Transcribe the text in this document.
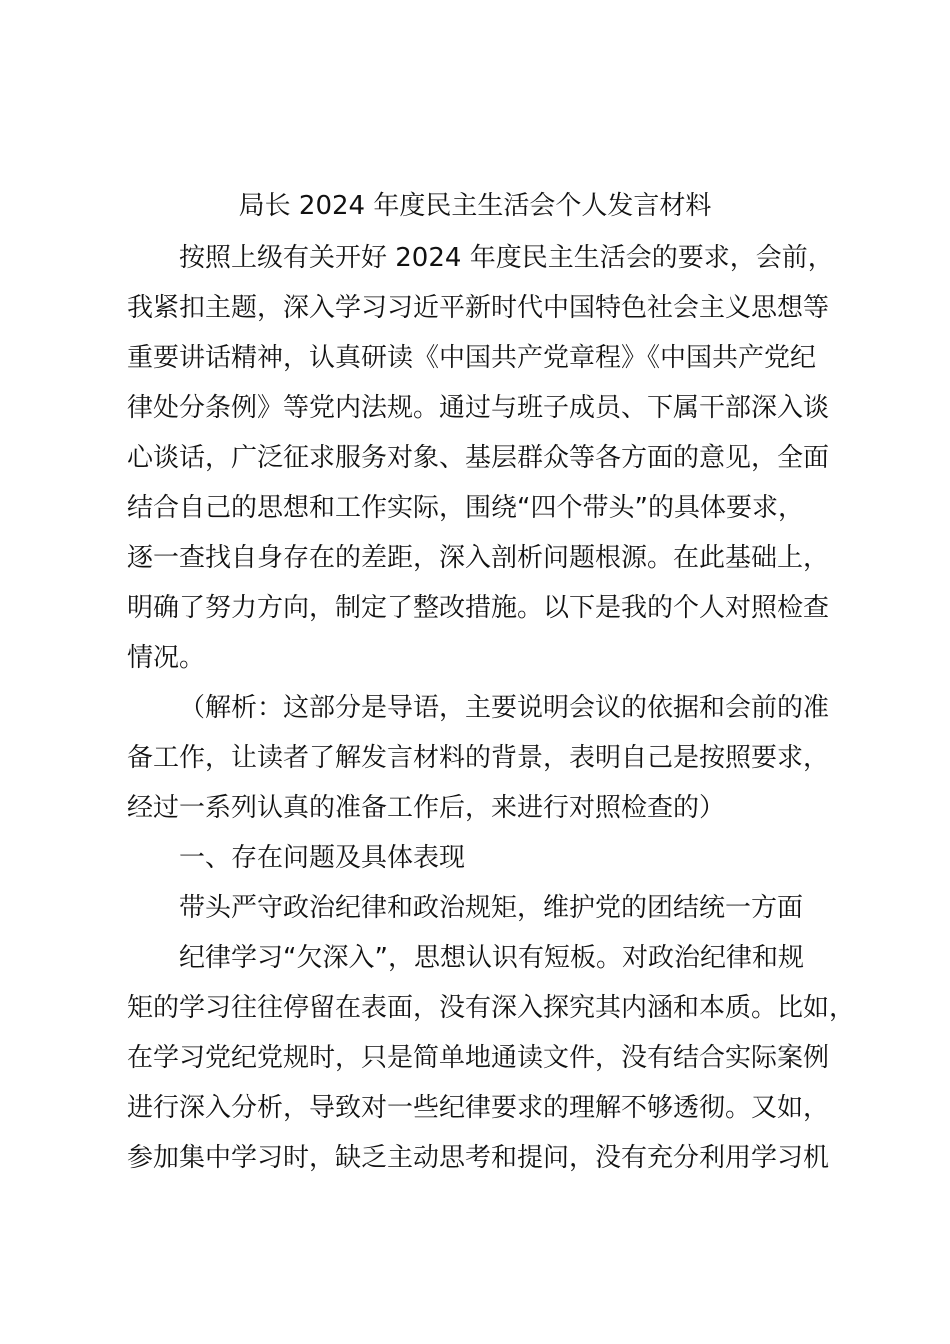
局长 2024 年度民主生活会个人发言材料

按照上级有关开好 2024 年度民主生活会的要求，会前，
我紧扣主题，深入学习习近平新时代中国特色社会主义思想等
重要讲话精神，认真研读《中国共产党章程》《中国共产党纪
律处分条例》等党内法规。通过与班子成员、下属干部深入谈
心谈话，广泛征求服务对象、基层群众等各方面的意见，全面
结合自己的思想和工作实际，围绕“四个带头”的具体要求，
逐一查找自身存在的差距，深入剖析问题根源。在此基础上，
明确了努力方向，制定了整改措施。以下是我的个人对照检查
情况。

（解析：这部分是导语，主要说明会议的依据和会前的准
备工作，让读者了解发言材料的背景，表明自己是按照要求，
经过一系列认真的准备工作后，来进行对照检查的）

一、存在问题及具体表现

带头严守政治纪律和政治规矩，维护党的团结统一方面

纪律学习“欠深入”，思想认识有短板。对政治纪律和规
矩的学习往往停留在表面，没有深入探究其内涵和本质。比如，
在学习党纪党规时，只是简单地通读文件，没有结合实际案例
进行深入分析，导致对一些纪律要求的理解不够透彻。又如，
参加集中学习时，缺乏主动思考和提问，没有充分利用学习机
